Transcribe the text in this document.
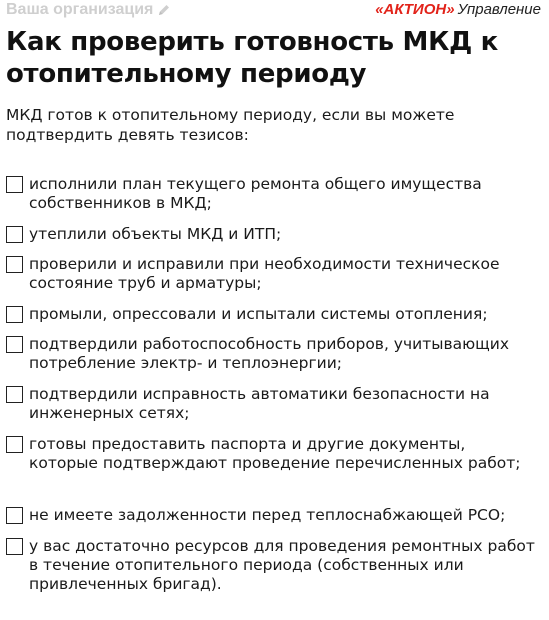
Ваша организация	«АКТИОН» Управление
Как проверить готовность МКД к отопительному периоду

МКД готов к отопительному периоду, если вы можете подтвердить девять тезисов:

исполнили план текущего ремонта общего имущества собственников в МКД;
утеплили объекты МКД и ИТП;
проверили и исправили при необходимости техническое состояние труб и арматуры;
промыли, опрессовали и испытали системы отопления;
подтвердили работоспособность приборов, учитывающих потребление электр- и теплоэнергии;
подтвердили исправность автоматики безопасности на инженерных сетях;
готовы предоставить паспорта и другие документы, которые подтверждают проведение перечисленных работ;
не имеете задолженности перед теплоснабжающей РСО;
у вас достаточно ресурсов для проведения ремонтных работ в течение отопительного периода (собственных или привлеченных бригад).
